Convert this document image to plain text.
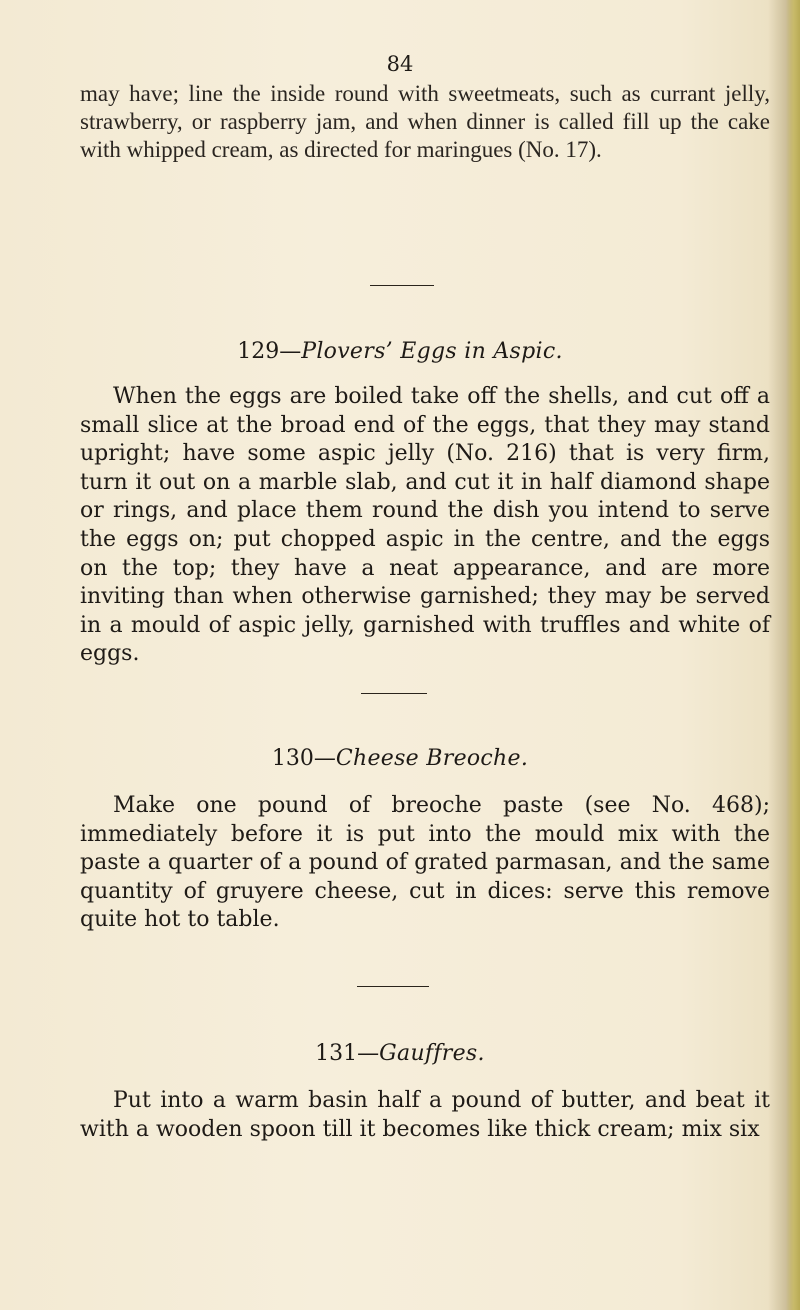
84

may have; line the inside round with sweetmeats, such as currant jelly, strawberry, or raspberry jam, and when dinner is called fill up the cake with whipped cream, as directed for maringues (No. 17).

129—Plovers’ Eggs in Aspic.

When the eggs are boiled take off the shells, and cut off a small slice at the broad end of the eggs, that they may stand upright; have some aspic jelly (No. 216) that is very firm, turn it out on a marble slab, and cut it in half diamond shape or rings, and place them round the dish you intend to serve the eggs on; put chopped aspic in the centre, and the eggs on the top; they have a neat appearance, and are more inviting than when otherwise garnished; they may be served in a mould of aspic jelly, garnished with truffles and white of eggs.

130—Cheese Breoche.

Make one pound of breoche paste (see No. 468); immediately before it is put into the mould mix with the paste a quarter of a pound of grated parmasan, and the same quantity of gruyere cheese, cut in dices: serve this remove quite hot to table.

131—Gauffres.

Put into a warm basin half a pound of butter, and beat it with a wooden spoon till it becomes like thick cream; mix six
